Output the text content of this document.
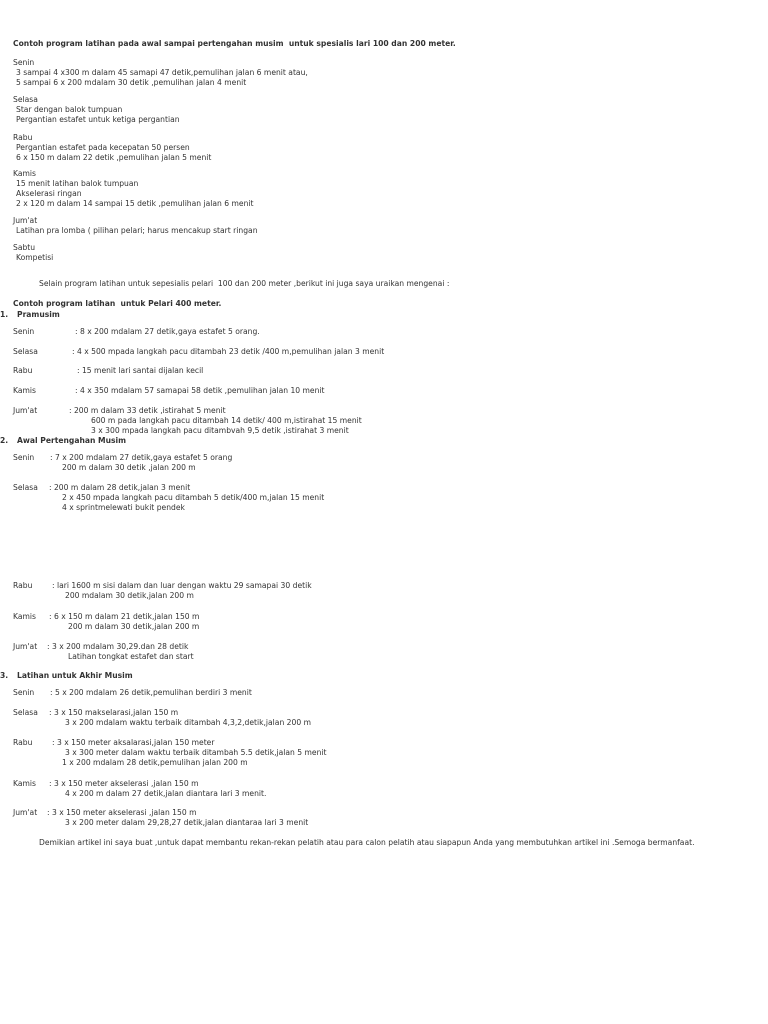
Contoh program latihan pada awal sampai pertengahan musim  untuk spesialis lari 100 dan 200 meter.
Senin
3 sampai 4 x300 m dalam 45 samapi 47 detik,pemulihan jalan 6 menit atau,
5 sampai 6 x 200 mdalam 30 detik ,pemulihan jalan 4 menit
Selasa
Star dengan balok tumpuan
Pergantian estafet untuk ketiga pergantian
Rabu
Pergantian estafet pada kecepatan 50 persen
6 x 150 m dalam 22 detik ,pemulihan jalan 5 menit
Kamis
15 menit latihan balok tumpuan
Akselerasi ringan
2 x 120 m dalam 14 sampai 15 detik ,pemulihan jalan 6 menit
Jum'at
Latihan pra lomba ( pilihan pelari; harus mencakup start ringan
Sabtu
Kompetisi
Selain program latihan untuk sepesialis pelari  100 dan 200 meter ,berikut ini juga saya uraikan mengenai :
Contoh program latihan  untuk Pelari 400 meter.
1. Pramusim
Senin	: 8 x 200 mdalam 27 detik,gaya estafet 5 orang.
Selasa	: 4 x 500 mpada langkah pacu ditambah 23 detik /400 m,pemulihan jalan 3 menit
Rabu	: 15 menit lari santai dijalan kecil
Kamis	: 4 x 350 mdalam 57 samapai 58 detik ,pemulihan jalan 10 menit
Jum'at	: 200 m dalam 33 detik ,istirahat 5 menit
600 m pada langkah pacu ditambah 14 detik/ 400 m,istirahat 15 menit
3 x 300 mpada langkah pacu ditambvah 9,5 detik ,istirahat 3 menit
2. Awal Pertengahan Musim
Senin : 7 x 200 mdalam 27 detik,gaya estafet 5 orang
200 m dalam 30 detik ,jalan 200 m
Selasa : 200 m dalam 28 detik,jalan 3 menit
2 x 450 mpada langkah pacu ditambah 5 detik/400 m,jalan 15 menit
4 x sprintmelewati bukit pendek
Rabu	: lari 1600 m sisi dalam dan luar dengan waktu 29 samapai 30 detik
200 mdalam 30 detik,jalan 200 m
Kamis : 6 x 150 m dalam 21 detik,jalan 150 m
200 m dalam 30 detik,jalan 200 m
Jum'at : 3 x 200 mdalam 30,29.dan 28 detik
Latihan tongkat estafet dan start
3. Latihan untuk Akhir Musim
Senin : 5 x 200 mdalam 26 detik,pemulihan berdiri 3 menit
Selasa : 3 x 150 makselarasi,jalan 150 m
3 x 200 mdalam waktu terbaik ditambah 4,3,2,detik,jalan 200 m
Rabu	: 3 x 150 meter aksalarasi,jalan 150 meter
3 x 300 meter dalam waktu terbaik ditambah 5.5 detik,jalan 5 menit
1 x 200 mdalam 28 detik,pemulihan jalan 200 m
Kamis : 3 x 150 meter akselerasi ,jalan 150 m
4 x 200 m dalam 27 detik,jalan diantara lari 3 menit.
Jum'at : 3 x 150 meter akselerasi ,jalan 150 m
3 x 200 meter dalam 29,28,27 detik,jalan diantaraa lari 3 menit
Demikian artikel ini saya buat ,untuk dapat membantu rekan-rekan pelatih atau para calon pelatih atau siapapun Anda yang membutuhkan artikel ini .Semoga bermanfaat.
